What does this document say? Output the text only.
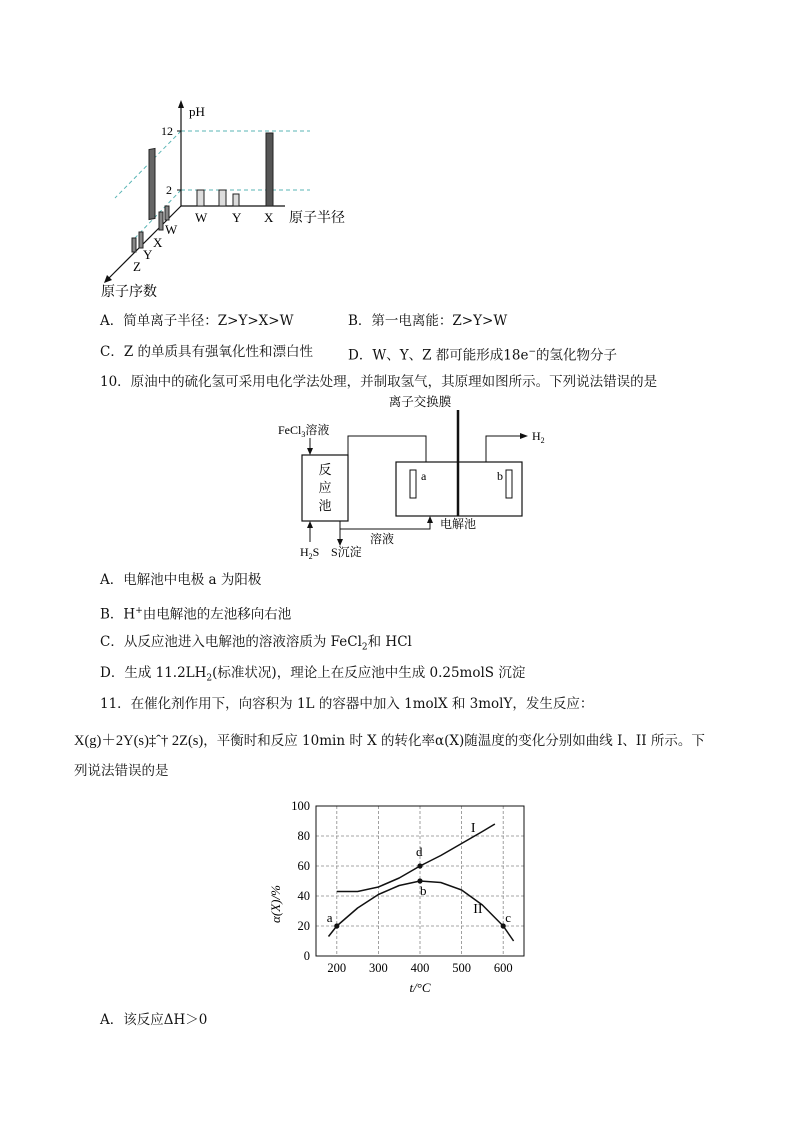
pH
12
2
W Y X 原子半径
W
X
Y
Z
原子序数
A．简单离子半径：Z>Y>X>W	B．第一电离能：Z>Y>W
C．Z 的单质具有强氧化性和漂白性	D．W、Y、Z 都可能形成18e−的氢化物分子
10．原油中的硫化氢可采用电化学法处理，并制取氢气，其原理如图所示。下列说法错误的是
离子交换膜
FeCl$_3$溶液
反
应
池
$H_2$
a	b
电解池
溶液
$H_2S$ S沉淀
A．电解池中电极 a 为阳极
B．H+由电解池的左池移向右池
C．从反应池进入电解池的溶液溶质为 FeCl$_2$和 HCl
D．生成 $11.2LH_2$(标准状况)，理论上在反应池中生成 0.25molS 沉淀
11．在催化剂作用下，向容积为 1L 的容器中加入 1molX 和 3molY，发生反应：
X(g)＋2Y(s)‡ˆ† 2Z(s)，平衡时和反应 10min 时 X 的转化率α(X)随温度的变化分别如曲线 I、II 所示。下
列说法错误的是
0
20
40
60
80
100
200 300 400 500 600
I
II
a
d
b
c
α(X)/%
t/°C
A．该反应ΔH＞0
